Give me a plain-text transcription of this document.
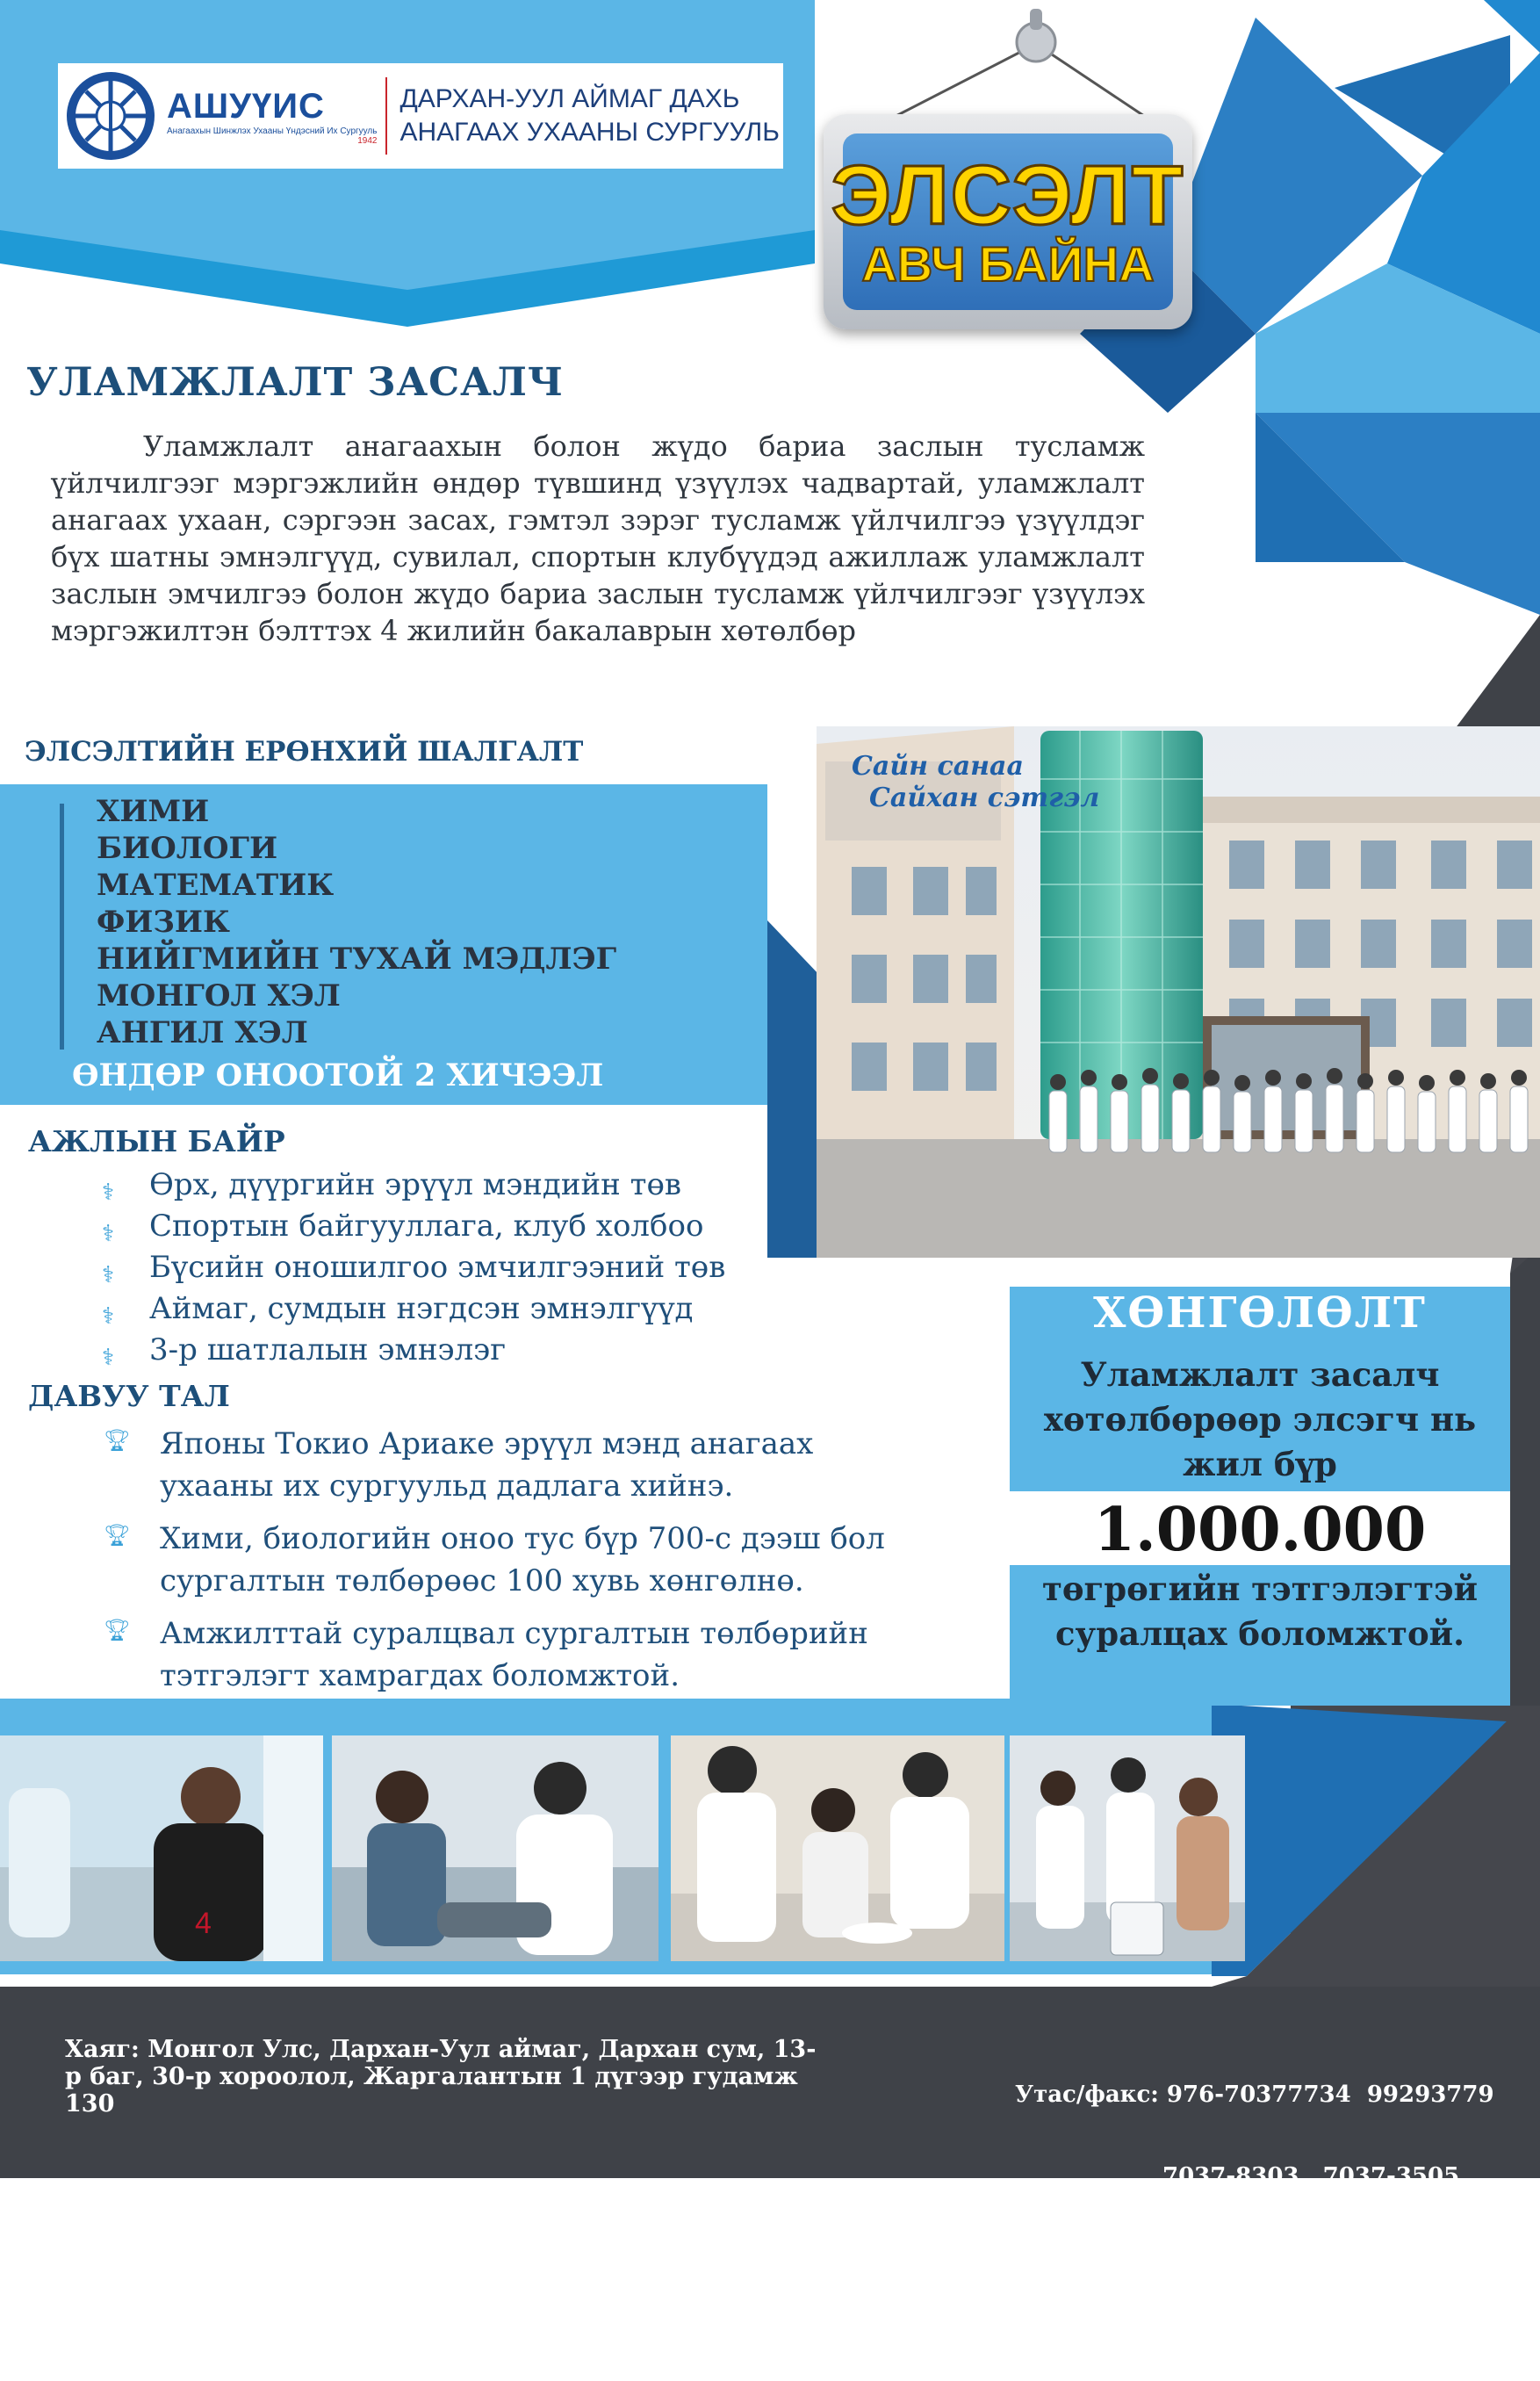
АШУҮИС
Анагаахын Шинжлэх Ухааны Үндэсний Их Сургууль
1942
ДАРХАН-УУЛ АЙМАГ ДАХЬ
АНАГААХ УХААНЫ СУРГУУЛЬ
ЭЛСЭЛТ
АВЧ БАЙНА
УЛАМЖЛАЛТ ЗАСАЛЧ
Уламжлалт анагаахын болон жүдо бариа заслын тусламж үйлчилгээг мэргэжлийн өндөр түвшинд үзүүлэх чадвартай, уламжлалт анагаах ухаан, сэргээн засах, гэмтэл зэрэг тусламж үйлчилгээ үзүүлдэг бүх шатны эмнэлгүүд, сувилал, спортын клубүүдэд ажиллаж уламжлалт заслын эмчилгээ болон жүдо бариа заслын тусламж үйлчилгээг үзүүлэх мэргэжилтэн бэлттэх 4 жилийн бакалаврын хөтөлбөр
ЭЛСЭЛТИЙН ЕРӨНХИЙ ШАЛГАЛТ
ХИМИ
БИОЛОГИ
МАТЕМАТИК
ФИЗИК
НИЙГМИЙН ТУХАЙ МЭДЛЭГ
МОНГОЛ ХЭЛ
АНГИЛ ХЭЛ
ӨНДӨР ОНООТОЙ 2 ХИЧЭЭЛ
Сайн санаа
Сайхан сэтгэл
АЖЛЫН БАЙР
⚕ Өрх, дүүргийн эрүүл мэндийн төв
⚕ Спортын байгууллага, клуб холбоо
⚕ Бүсийн оношилгоо эмчилгээний төв
⚕ Аймаг, сумдын нэгдсэн эмнэлгүүд
⚕ 3-р шатлалын эмнэлэг
ДАВУУ ТАЛ
🏆︎ Японы Токио Ариаке эрүүл мэнд анагаах ухааны их сургуульд дадлага хийнэ.
🏆︎ Хими, биологийн оноо тус бүр 700-с дээш бол сургалтын төлбөрөөс 100 хувь хөнгөлнө.
🏆︎ Амжилттай суралцвал сургалтын төлбөрийн тэтгэлэгт хамрагдах боломжтой.
ХӨНГӨЛӨЛТ
Уламжлалт засалч хөтөлбөрөөр элсэгч нь жил бүр
1.000.000
төгрөгийн тэтгэлэгтэй суралцах боломжтой.
4
Хаяг: Монгол Улс, Дархан-Уул аймаг, Дархан сум, 13-р баг, 30-р хороолол, Жаргалантын 1 дүгээр гудамж 130

	Утас/факс: 976-70377734  99293779

7037-8303.  7037-3505

Веб: www.mnums-da.edu.mn

Facebook: Medical School in Darkhan
